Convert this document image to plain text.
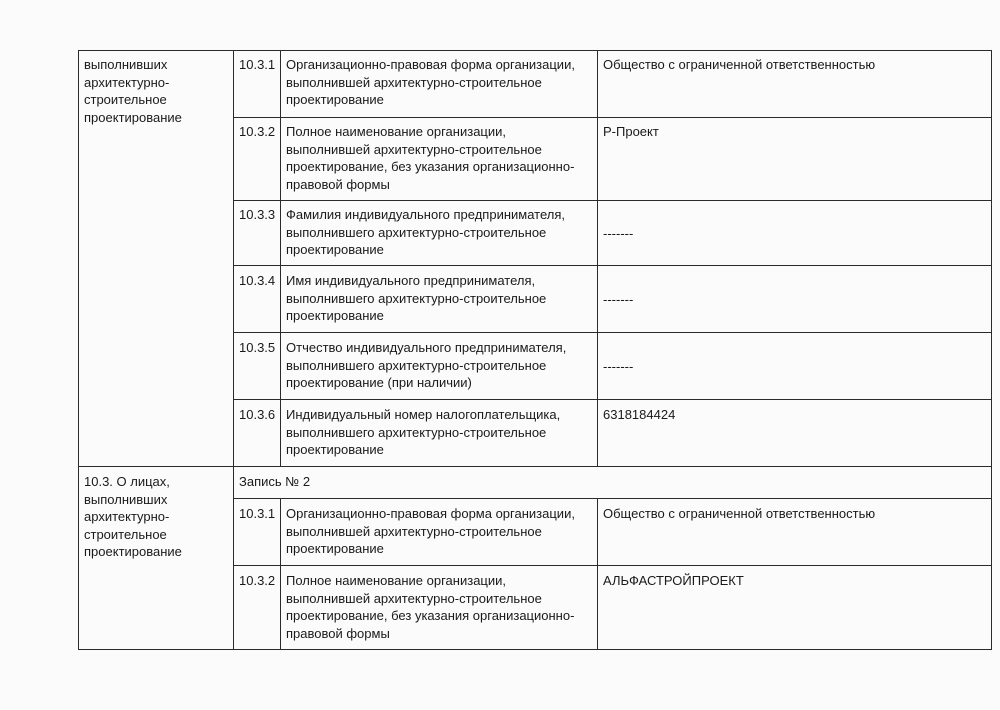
выполнивших
архитектурно-
строительное
проектирование
10.3.1 Организационно-правовая форма организации,
выполнившей архитектурно-строительное
проектирование
Общество с ограниченной ответственностью
10.3.2 Полное наименование организации,
выполнившей архитектурно-строительное
проектирование, без указания организационно-
правовой формы
Р-Проект
10.3.3 Фамилия индивидуального предпринимателя,
выполнившего архитектурно-строительное
проектирование
-------
10.3.4 Имя индивидуального предпринимателя,
выполнившего архитектурно-строительное
проектирование
-------
10.3.5 Отчество индивидуального предпринимателя,
выполнившего архитектурно-строительное
проектирование (при наличии)
-------
10.3.6 Индивидуальный номер налогоплательщика,
выполнившего архитектурно-строительное
проектирование
6318184424
10.3. О лицах,
выполнивших
архитектурно-
строительное
проектирование
Запись № 2
10.3.1 Организационно-правовая форма организации,
выполнившей архитектурно-строительное
проектирование
Общество с ограниченной ответственностью
10.3.2 Полное наименование организации,
выполнившей архитектурно-строительное
проектирование, без указания организационно-
правовой формы
АЛЬФАСТРОЙПРОЕКТ
